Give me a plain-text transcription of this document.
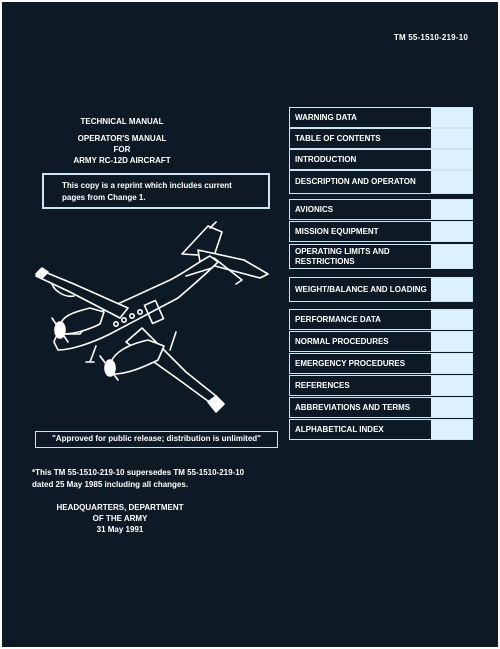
TM 55-1510-219-10
TECHNICAL MANUAL
OPERATOR'S MANUAL
FOR
ARMY RC-12D AIRCRAFT
This copy is a reprint which includes current
pages from Change 1.
"Approved for public release; distribution is unlimited"
*This TM 55-1510-219-10 supersedes TM 55-1510-219-10
dated 25 May 1985 including all changes.
HEADQUARTERS, DEPARTMENT
OF THE ARMY
31 May 1991
WARNING DATA
TABLE OF CONTENTS
INTRODUCTION
DESCRIPTION AND OPERATON
AVIONICS
MISSION EQUIPMENT
OPERATING LIMITS AND RESTRICTIONS
WEIGHT/BALANCE AND LOADING
PERFORMANCE DATA
NORMAL PROCEDURES
EMERGENCY PROCEDURES
REFERENCES
ABBREVIATIONS AND TERMS
ALPHABETICAL INDEX
